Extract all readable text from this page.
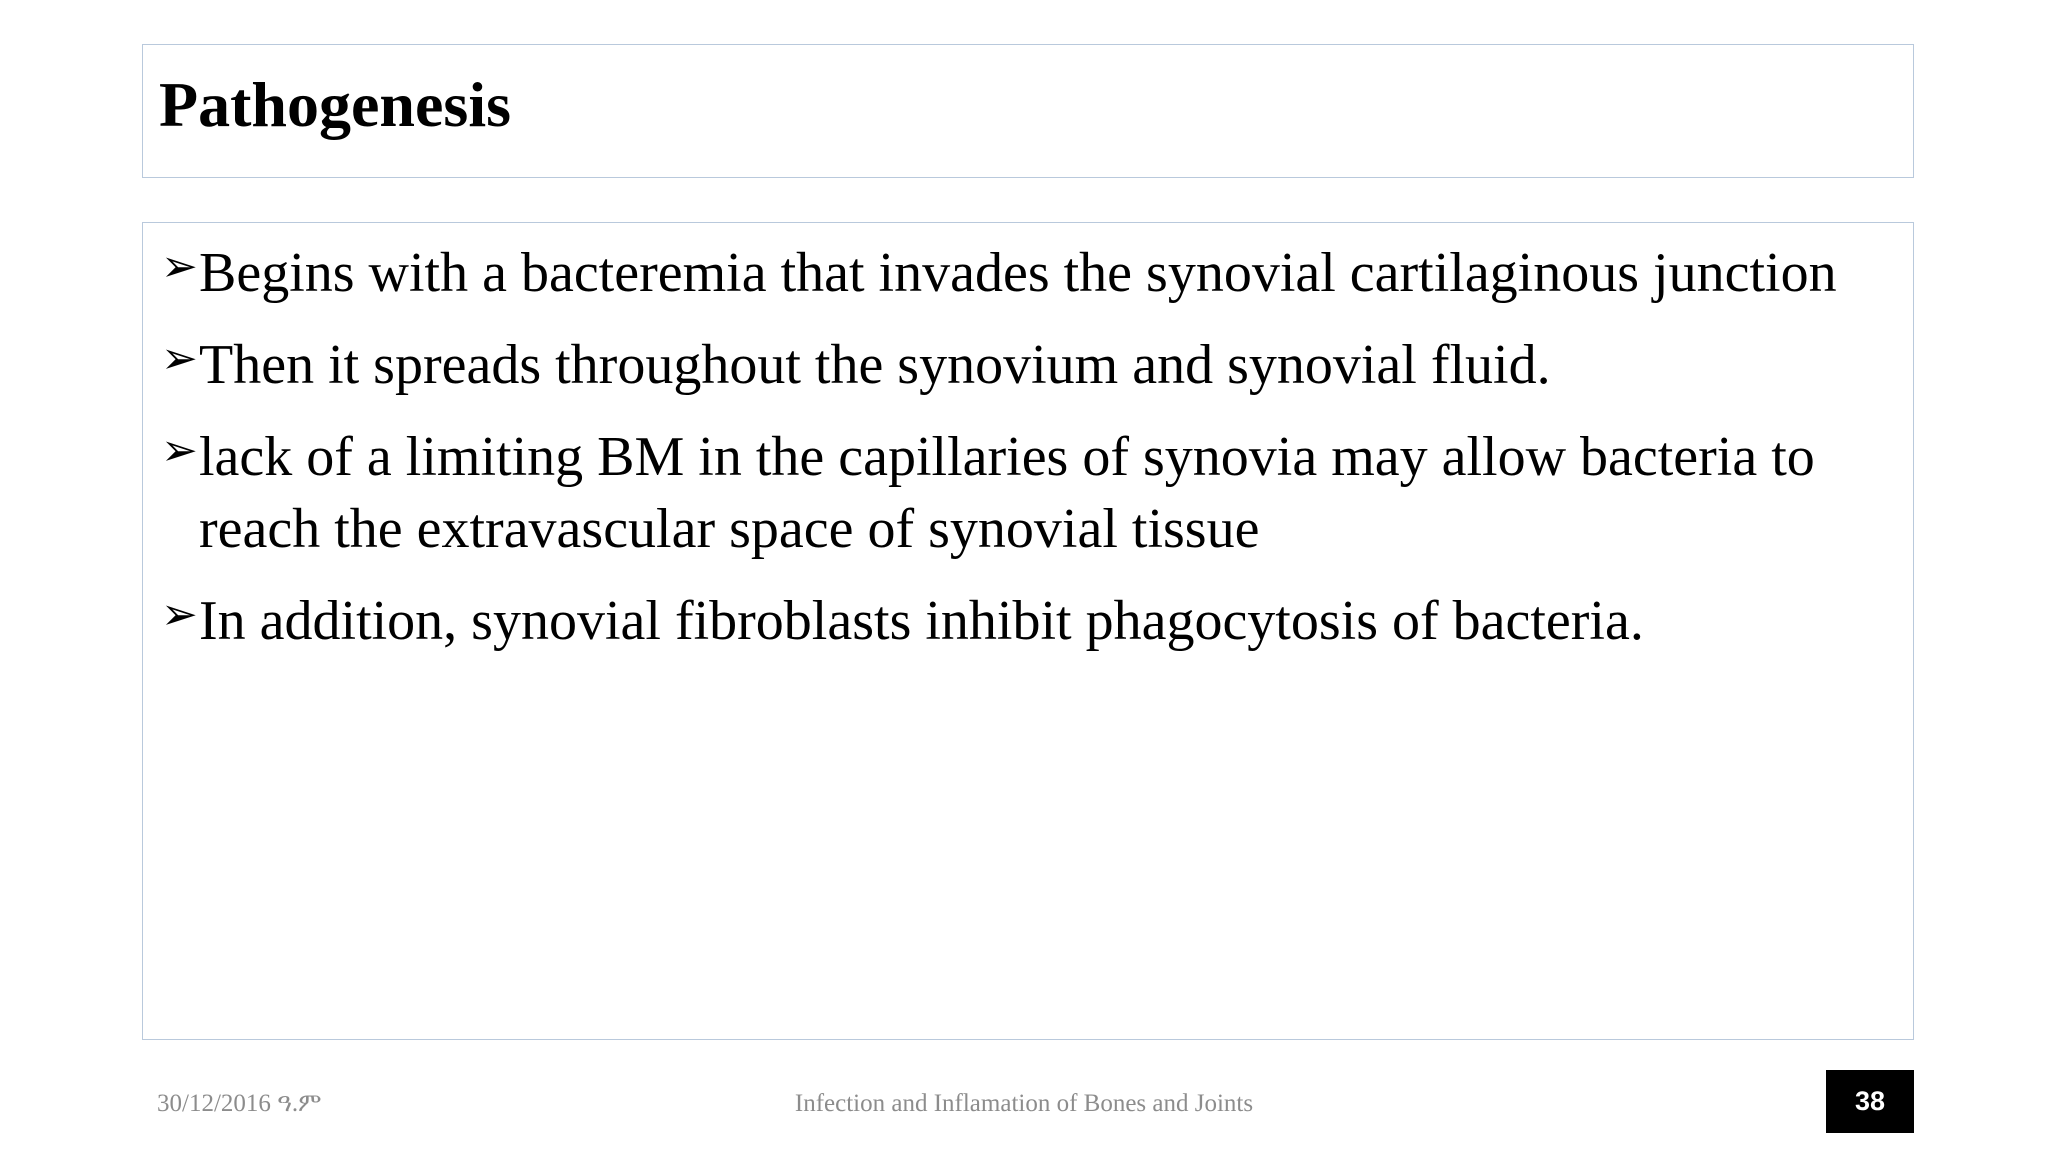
Pathogenesis
➢ Begins with a bacteremia that invades the synovial cartilaginous junction
➢ Then it spreads throughout the synovium and synovial fluid.
➢ lack of a limiting BM in the capillaries of synovia may allow bacteria to reach the extravascular space of synovial tissue
➢ In addition, synovial fibroblasts inhibit phagocytosis of bacteria.
30/12/2016 ዓ.ም	Infection and Inflamation of Bones and Joints	38
